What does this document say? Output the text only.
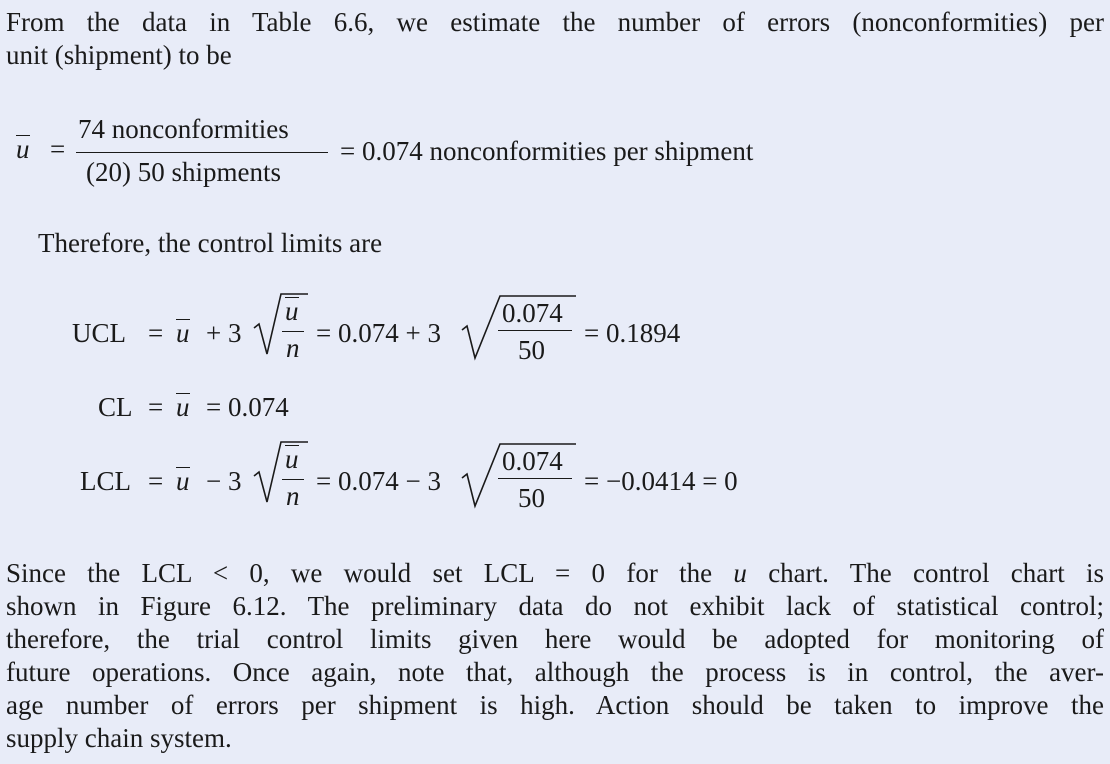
From the data in Table 6.6, we estimate the number of errors (nonconformities) per
unit (shipment) to be
u =
74 nonconformities
(20) 50 shipments
= 0.074 nonconformities per shipment
Therefore, the control limits are
UCL = u + 3
u
n = 0.074 + 3
0.074
50
= 0.1894
CL = u = 0.074
LCL = u − 3
u
n = 0.074 − 3
0.074
50
= −0.0414 = 0
Since the LCL < 0, we would set LCL = 0 for the u chart. The control chart is
shown in Figure 6.12. The preliminary data do not exhibit lack of statistical control;
therefore, the trial control limits given here would be adopted for monitoring of
future operations. Once again, note that, although the process is in control, the aver-
age number of errors per shipment is high. Action should be taken to improve the
supply chain system.
